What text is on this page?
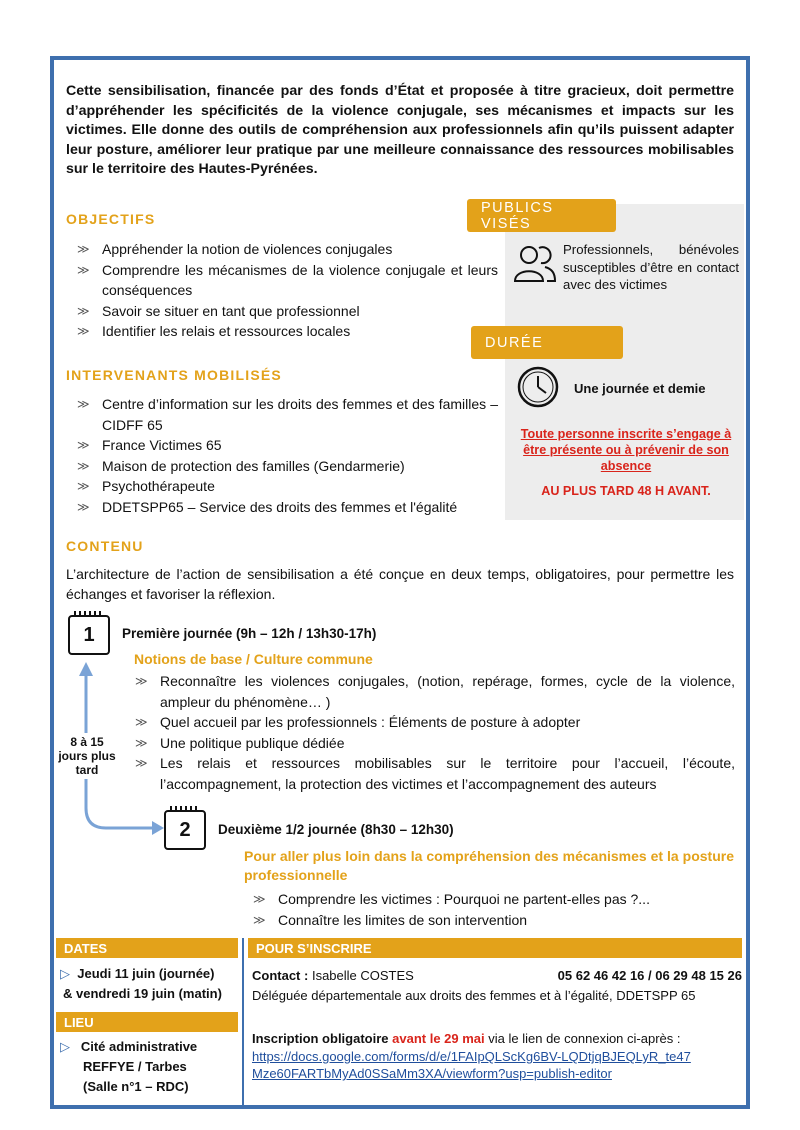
Cette sensibilisation, financée par des fonds d’État et proposée à titre gracieux, doit permettre d’appréhender les spécificités de la violence conjugale, ses mécanismes et impacts sur les victimes. Elle donne des outils de compréhension aux professionnels afin qu’ils puissent adapter leur posture, améliorer leur pratique par une meilleure connaissance des ressources mobilisables sur le territoire des Hautes-Pyrénées.
OBJECTIFS
≫ Appréhender la notion de violences conjugales
≫ Comprendre les mécanismes de la violence conjugale et leurs conséquences
≫ Savoir se situer en tant que professionnel
≫ Identifier les relais et ressources locales
INTERVENANTS MOBILISÉS
≫ Centre d’information sur les droits des femmes et des familles – CIDFF 65
≫ France Victimes 65
≫ Maison de protection des familles (Gendarmerie)
≫ Psychothérapeute
≫ DDETSPP65 – Service des droits des femmes et l'égalité
PUBLICS VISÉS
Professionnels, bénévoles susceptibles d’être en contact avec des victimes
DURÉE
Une journée et demie
Toute personne inscrite s’engage à être présente ou à prévenir de son absence
AU PLUS TARD 48 H AVANT.
CONTENU
L’architecture de l’action de sensibilisation a été conçue en deux temps, obligatoires, pour permettre les échanges et favoriser la réflexion.
1 Première journée (9h – 12h / 13h30-17h)
Notions de base / Culture commune
≫ Reconnaître les violences conjugales, (notion, repérage, formes, cycle de la violence, ampleur du phénomène… )
≫ Quel accueil par les professionnels : Éléments de posture à adopter
≫ Une politique publique dédiée
≫ Les relais et ressources mobilisables sur le territoire pour l’accueil, l’écoute, l’accompagnement, la protection des victimes et l’accompagnement des auteurs
8 à 15 jours plus tard
2 Deuxième 1/2 journée (8h30 – 12h30)
Pour aller plus loin dans la compréhension des mécanismes et la posture professionnelle
≫ Comprendre les victimes : Pourquoi ne partent-elles pas ?...
≫ Connaître les limites de son intervention
DATES
▷ Jeudi 11 juin (journée)
& vendredi 19 juin (matin)
LIEU
▷ Cité administrative
REFFYE / Tarbes
(Salle n°1 – RDC)
POUR S’INSCRIRE
Contact : Isabelle COSTES	05 62 46 42 16 / 06 29 48 15 26
Déléguée départementale aux droits des femmes et à l’égalité, DDETSPP 65
Inscription obligatoire avant le 29 mai via le lien de connexion ci-après :
https://docs.google.com/forms/d/e/1FAIpQLScKg6BV-LQDtjqBJEQLyR_te47Mze60FARTbMyAd0SSaMm3XA/viewform?usp=publish-editor
